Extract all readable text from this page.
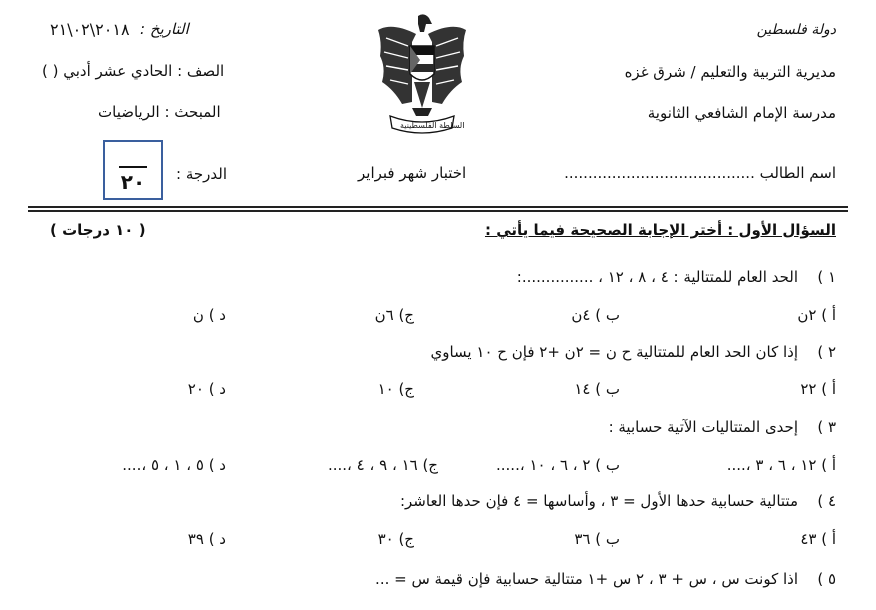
دولة فلسطين
مديرية التربية والتعليم / شرق غزه
مدرسة الإمام الشافعي الثانوية
اسم الطالب ........................................
التاريخ :
٢٠١٨\٠٢\٢١
الصف : الحادي عشر أدبي ( )
المبحث : الرياضيات
الدرجة :
٢٠	اختبار شهر فبراير
السلطة الفلسطينية
السؤال الأول : أختر الإجابة الصحيحة فيما يأتي :
( ١٠ درجات )
١ )
الحد العام للمتتالية : ٤ ، ٨ ، ١٢ ، ...............:
أ ) ٢ن
ب ) ٤ن
ج) ٦ن
د ) ن
٢ )
إذا كان الحد العام للمتتالية ح ن = ٢ن +٢ فإن ح ١٠ يساوي
أ ) ٢٢
ب ) ١٤
ج) ١٠
د ) ٢٠
٣ )
إحدى المتتاليات الآتية حسابية :
أ ) ١٢ ، ٦ ، ٣ ،....
ب ) ٢ ، ٦ ، ١٠ ،.....
ج) ١٦ ، ٩ ، ٤ ،....
د ) ٥ ، ١ ، ٥ ،....
٤ )
متتالية حسابية حدها الأول = ٣ ، وأساسها = ٤ فإن حدها العاشر:
أ ) ٤٣
ب ) ٣٦
ج) ٣٠
د ) ٣٩
٥ )
اذا كونت س ، س + ٣ ، ٢ س +١ متتالية حسابية فإن قيمة س = ...
